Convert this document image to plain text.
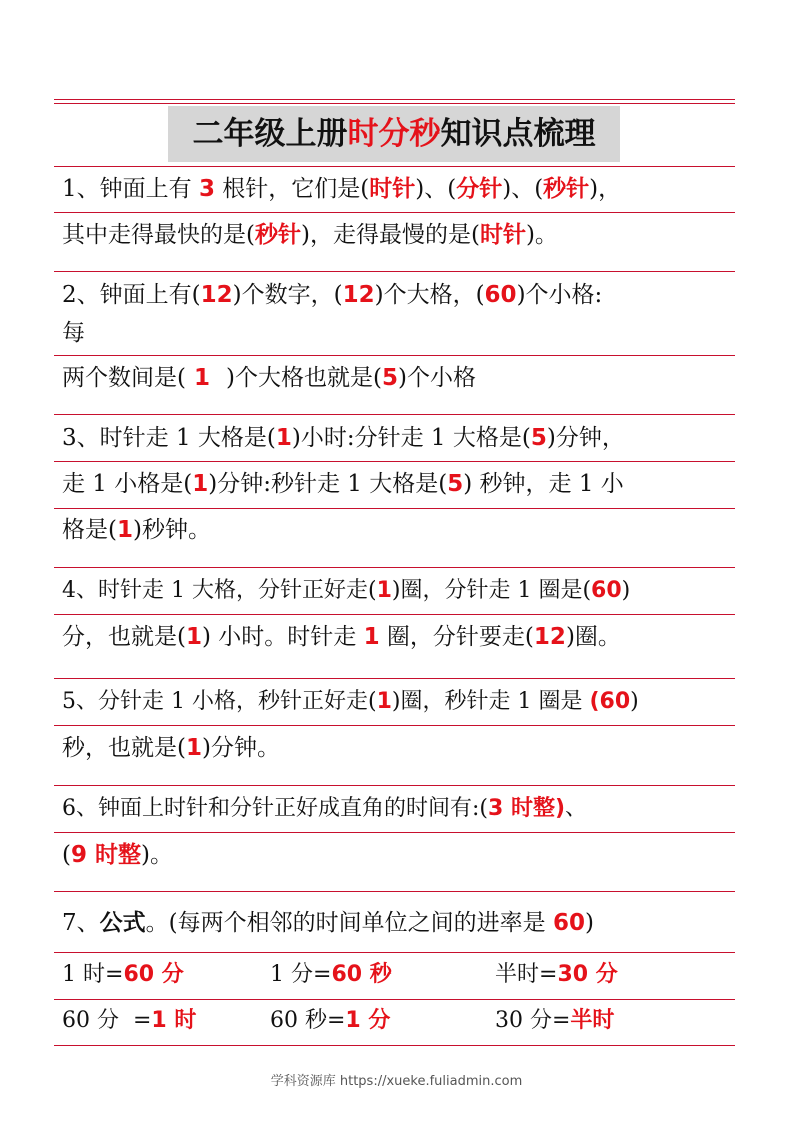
二年级上册时分秒知识点梳理
1、钟面上有 3 根针，它们是(时针)、(分针)、(秒针)，
其中走得最快的是(秒针)，走得最慢的是(时针)。
2、钟面上有(12)个数字，(12)个大格，(60)个小格:
每
两个数间是( 1  )个大格也就是(5)个小格
3、时针走 1 大格是(1)小时:分针走 1 大格是(5)分钟，
走 1 小格是(1)分钟:秒针走 1 大格是(5) 秒钟，走 1 小
格是(1)秒钟。
4、时针走 1 大格，分针正好走(1)圈，分针走 1 圈是(60)
分，也就是(1) 小时。时针走 1 圈，分针要走(12)圈。
5、分针走 1 小格，秒针正好走(1)圈，秒针走 1 圈是 (60)
秒，也就是(1)分钟。
6、钟面上时针和分针正好成直角的时间有:(3 时整)、
(9 时整)。
7、公式。(每两个相邻的时间单位之间的进率是 60)
1 时=60 分	1 分=60 秒	半时=30 分
60 分  =1 时	60 秒=1 分	30 分=半时
学科资源库 https://xueke.fuliadmin.com
